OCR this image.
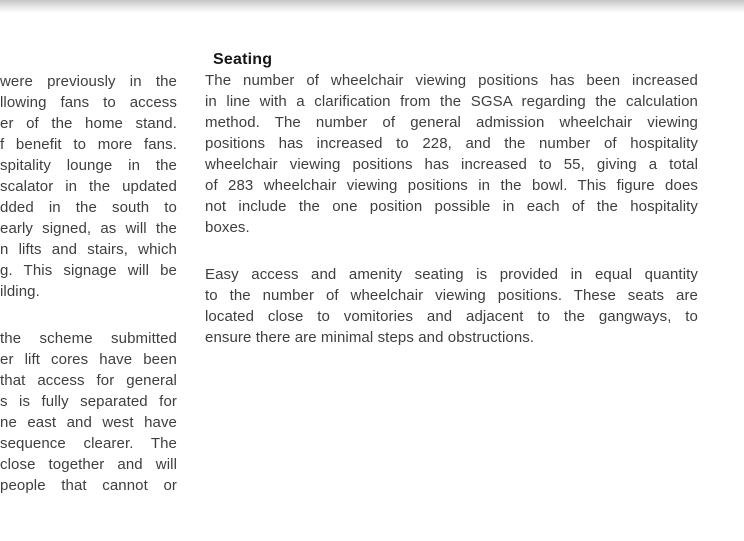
were previously in the
llowing fans to access
er of the home stand.
f benefit to more fans.
spitality lounge in the
scalator in the updated
dded in the south to
early signed, as will the
n lifts and stairs, which
g. This signage will be
ilding.
the scheme submitted
er lift cores have been
that access for general
s is fully separated for
ne east and west have
sequence clearer. The
close together and will
people that cannot or
Seating
The number of wheelchair viewing positions has been increased
in line with a clarification from the SGSA regarding the calculation
method. The number of general admission wheelchair viewing
positions has increased to 228, and the number of hospitality
wheelchair viewing positions has increased to 55, giving a total
of 283 wheelchair viewing positions in the bowl. This figure does
not include the one position possible in each of the hospitality
boxes.
Easy access and amenity seating is provided in equal quantity
to the number of wheelchair viewing positions. These seats are
located close to vomitories and adjacent to the gangways, to
ensure there are minimal steps and obstructions.
